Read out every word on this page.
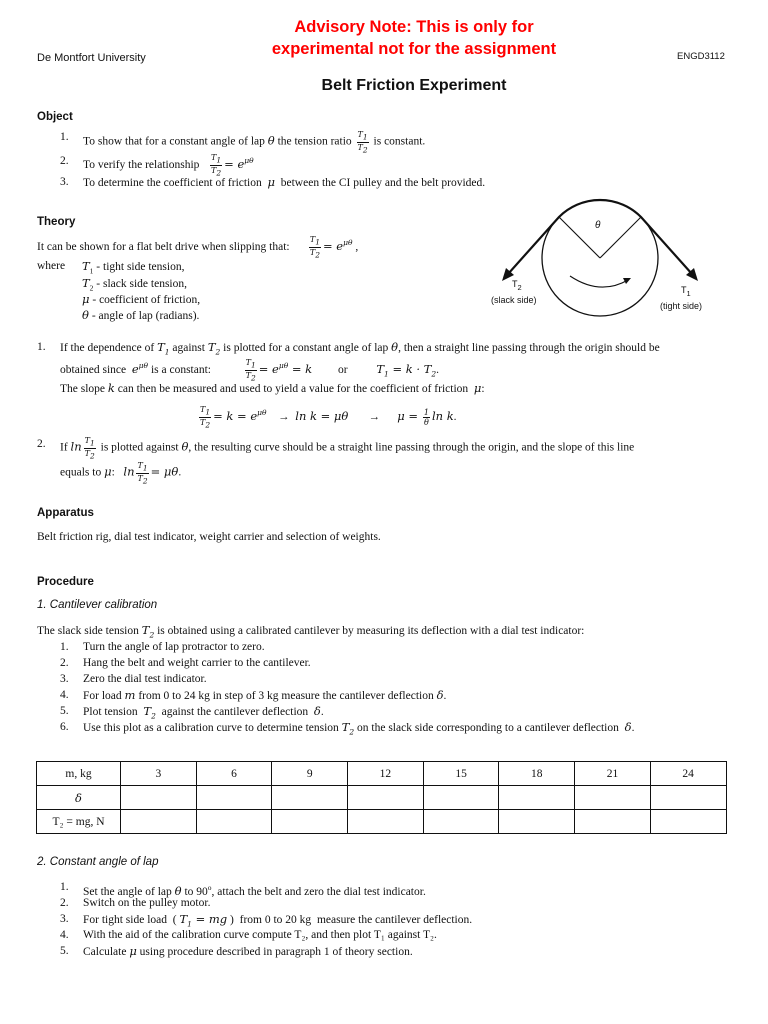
Advisory Note: This is only for
experimental not for the assignment
De Montfort University	ENGD3112
Belt Friction Experiment
Object
1. To show that for a constant angle of lap θ the tension ratio $\frac{T_1}{T_2}$ is constant.
2. To verify the relationship $\frac{T_1}{T_2} = e^{\mu\theta}$
3. To determine the coefficient of friction μ between the CI pulley and the belt provided.
Theory
It can be shown for a flat belt drive when slipping that: $\frac{T_1}{T_2} = e^{\mu\theta}$ ,
where $T_1$ - tight side tension,
$T_2$ - slack side tension,
μ - coefficient of friction,
θ - angle of lap (radians).
θ
$T_2$
(slack side)
$T_1$
(tight side)
1. If the dependence of $T_1$ against $T_2$ is plotted for a constant angle of lap θ, then a straight line passing through the origin should be
obtained since $e^{\mu\theta}$ is a constant:	$\frac{T_1}{T_2} = e^{\mu\theta} = k$ or	$T_1 = k \cdot T_2$.
The slope k can then be measured and used to yield a value for the coefficient of friction μ:
$\frac{T_1}{T_2} = k = e^{\mu\theta}$    →  ln k = μθ       →      $\mu = \frac{1}{\theta}$ ln k.
2. If $\ln \frac{T_1}{T_2}$ is plotted against θ, the resulting curve should be a straight line passing through the origin, and the slope of this line
equals to μ:   $\ln \frac{T_1}{T_2} = \mu\theta$.
Apparatus
Belt friction rig, dial test indicator, weight carrier and selection of weights.
Procedure
1. Cantilever calibration
The slack side tension $T_2$ is obtained using a calibrated cantilever by measuring its deflection with a dial test indicator:
1. Turn the angle of lap protractor to zero.
2. Hang the belt and weight carrier to the cantilever.
3. Zero the dial test indicator.
4. For load m from 0 to 24 kg in step of 3 kg measure the cantilever deflection δ.
5. Plot tension $T_2$ against the cantilever deflection δ.
6. Use this plot as a calibration curve to determine tension $T_2$ on the slack side corresponding to a cantilever deflection δ.
m, kg	3	6	9	12	15	18	21	24
δ								
T₂ = mg, N								
2. Constant angle of lap
1. Set the angle of lap θ to 90$^o$, attach the belt and zero the dial test indicator.
2. Switch on the pulley motor.
3. For tight side load  ( $T_1$ = mg )  from 0 to 20 kg measure the cantilever deflection.
4. With the aid of the calibration curve compute T₂, and then plot T₁ against T₂.
5. Calculate μ using procedure described in paragraph 1 of theory section.
